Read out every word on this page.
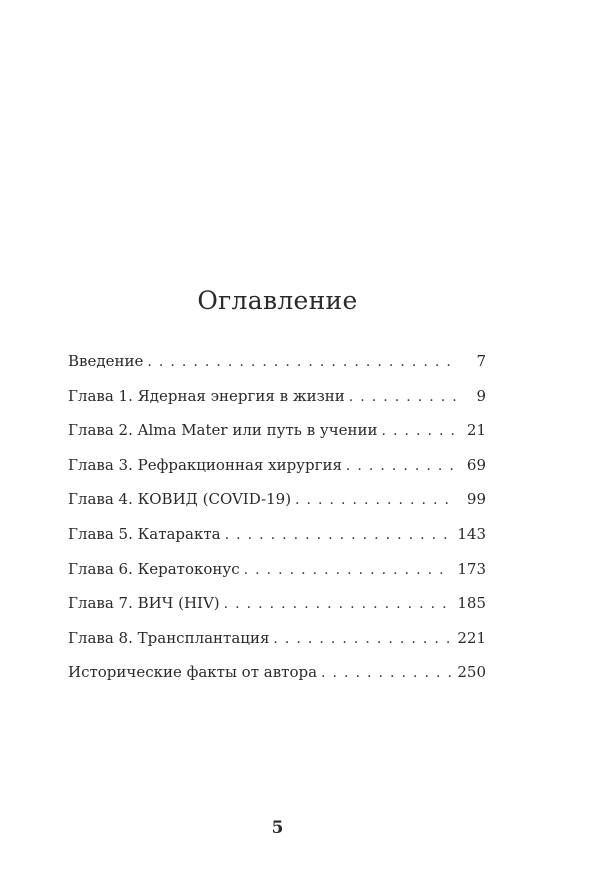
Оглавление
Введение . . .	7
Глава 1. Ядерная энергия в жизни . . .	9
Глава 2. Alma Mater или путь в учении . . .	21
Глава 3. Рефракционная хирургия . . .	69
Глава 4. КОВИД (COVID-19) . . .	99
Глава 5. Катаракта . . .	143
Глава 6. Кератоконус . . .	173
Глава 7. ВИЧ (HIV) . . .	185
Глава 8. Трансплантация . . .	221
Исторические факты от автора . . .	250

5
